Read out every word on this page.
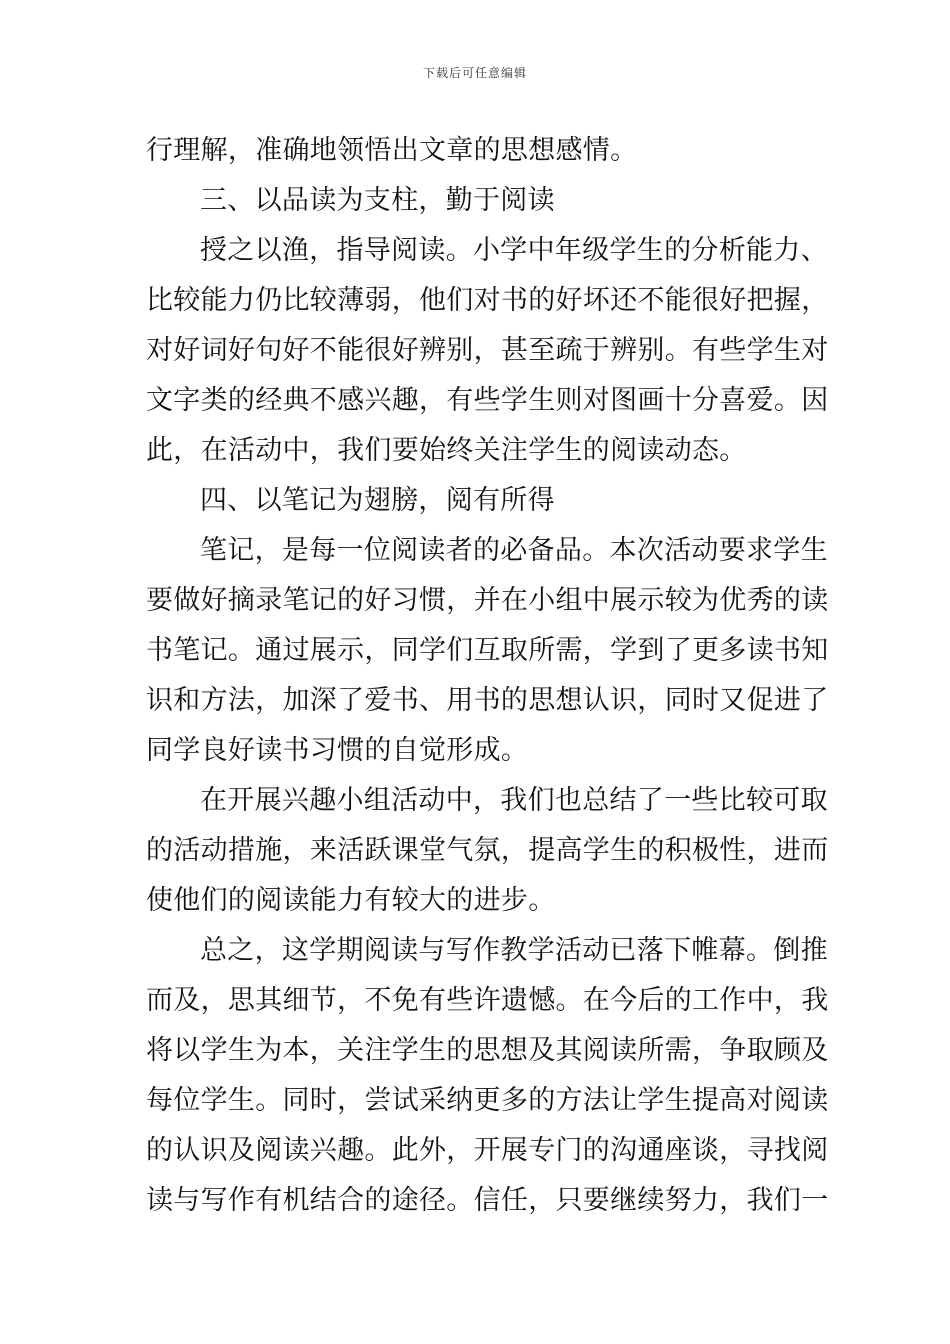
下载后可任意编辑
行理解，准确地领悟出文章的思想感情。
三、以品读为支柱，勤于阅读
授之以渔，指导阅读。小学中年级学生的分析能力、
比较能力仍比较薄弱，他们对书的好坏还不能很好把握，
对好词好句好不能很好辨别，甚至疏于辨别。有些学生对
文字类的经典不感兴趣，有些学生则对图画十分喜爱。因
此，在活动中，我们要始终关注学生的阅读动态。
四、以笔记为翅膀，阅有所得
笔记，是每一位阅读者的必备品。本次活动要求学生
要做好摘录笔记的好习惯，并在小组中展示较为优秀的读
书笔记。通过展示，同学们互取所需，学到了更多读书知
识和方法，加深了爱书、用书的思想认识，同时又促进了
同学良好读书习惯的自觉形成。
在开展兴趣小组活动中，我们也总结了一些比较可取
的活动措施，来活跃课堂气氛，提高学生的积极性，进而
使他们的阅读能力有较大的进步。
总之，这学期阅读与写作教学活动已落下帷幕。倒推
而及，思其细节，不免有些许遗憾。在今后的工作中，我
将以学生为本，关注学生的思想及其阅读所需，争取顾及
每位学生。同时，尝试采纳更多的方法让学生提高对阅读
的认识及阅读兴趣。此外，开展专门的沟通座谈，寻找阅
读与写作有机结合的途径。信任，只要继续努力，我们一
